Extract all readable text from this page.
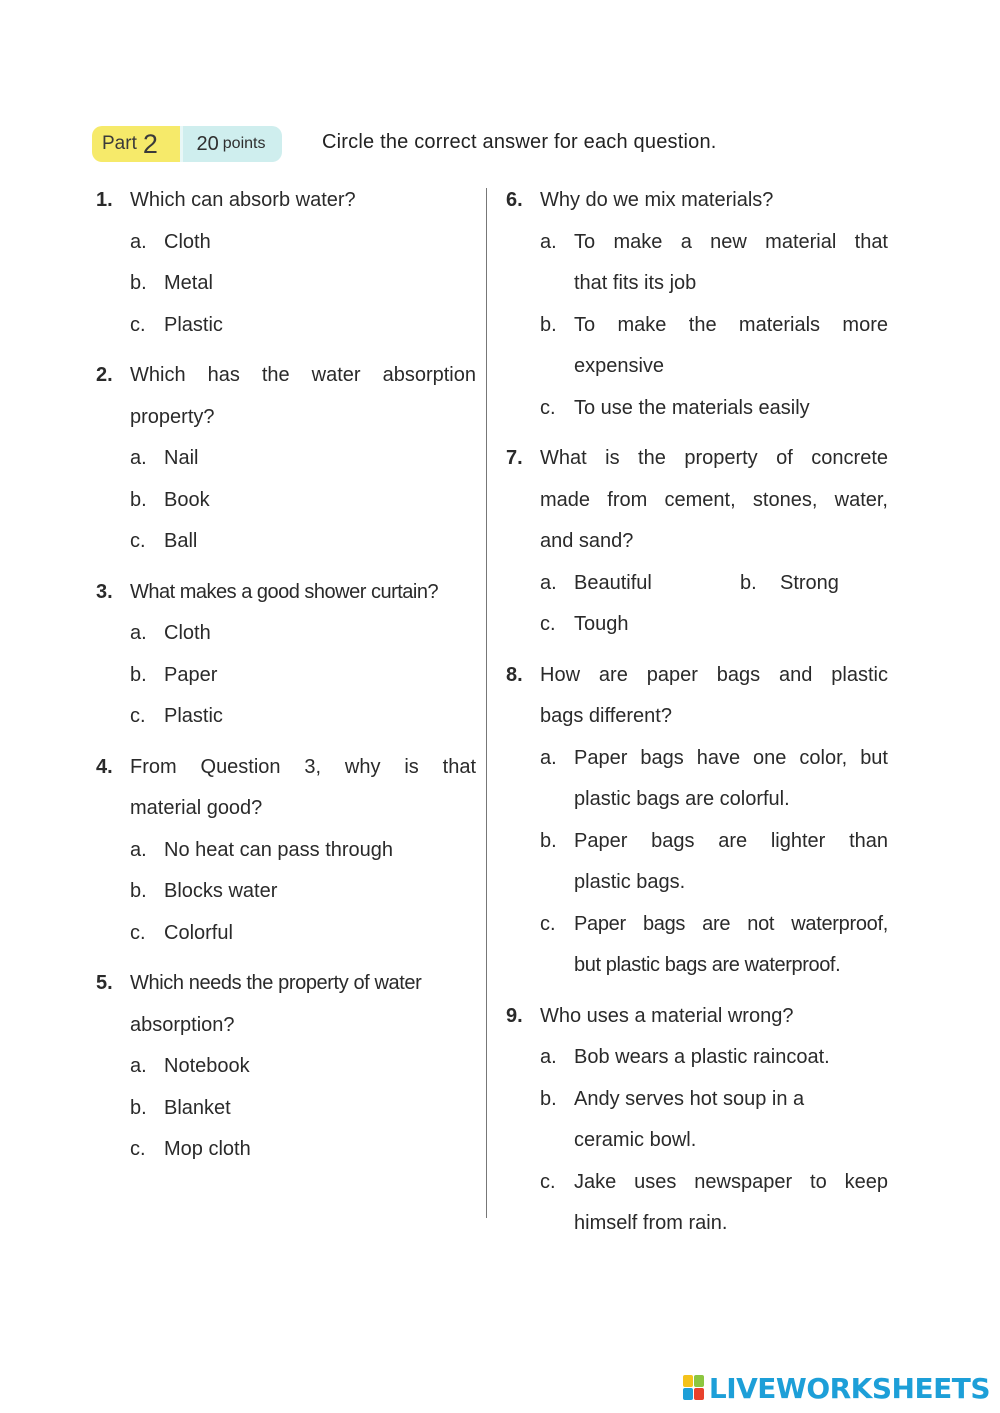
Part 2 20 points	Circle the correct answer for each question.
1. Which can absorb water?
a. Cloth
b. Metal
c. Plastic
2. Which has the water absorption
property?
a. Nail
b. Book
c. Ball
3. What makes a good shower curtain?
a. Cloth
b. Paper
c. Plastic
4. From Question 3, why is that
material good?
a. No heat can pass through
b. Blocks water
c. Colorful
5. Which needs the property of water
absorption?
a. Notebook
b. Blanket
c. Mop cloth
6. Why do we mix materials?
a. To make a new material that
that fits its job
b. To make the materials more
expensive
c. To use the materials easily
7. What is the property of concrete
made from cement, stones, water,
and sand?
a. Beautiful	b.	Strong
c. Tough
8. How are paper bags and plastic
bags different?
a. Paper bags have one color, but
plastic bags are colorful.
b. Paper bags are lighter than
plastic bags.
c. Paper bags are not waterproof,
but plastic bags are waterproof.
9. Who uses a material wrong?
a. Bob wears a plastic raincoat.
b. Andy serves hot soup in a
ceramic bowl.
c. Jake uses newspaper to keep
himself from rain.
LIVEWORKSHEETS
